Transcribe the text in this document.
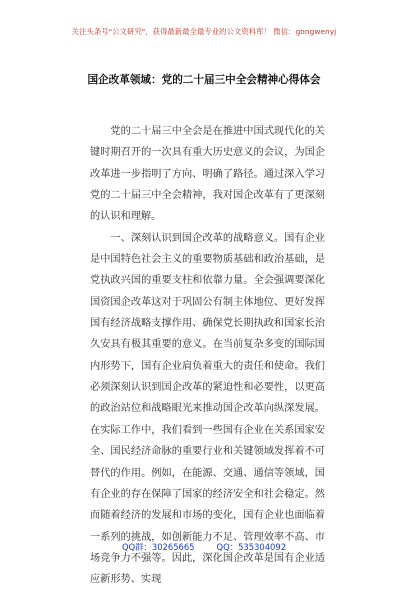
关注头条号"公文研究"，获得最新最全最专业的公文资料库！ 微信：gongwenyj
国企改革领域：党的二十届三中全会精神心得体会

党的二十届三中全会是在推进中国式现代化的关键时期召开的一次具有重大历史意义的会议，为国企改革进一步指明了方向、明确了路径。通过深入学习党的二十届三中全会精神，我对国企改革有了更深刻的认识和理解。

一、深刻认识到国企改革的战略意义。国有企业是中国特色社会主义的重要物质基础和政治基础，是党执政兴国的重要支柱和依靠力量。全会强调要深化国资国企改革这对于巩固公有制主体地位、更好发挥国有经济战略支撑作用、确保党长期执政和国家长治久安具有极其重要的意义。在当前复杂多变的国际国内形势下，国有企业肩负着重大的责任和使命。我们必须深刻认识到国企改革的紧迫性和必要性，以更高的政治站位和战略眼光来推动国企改革向纵深发展。在实际工作中，我们看到一些国有企业在关系国家安全、国民经济命脉的重要行业和关键领域发挥着不可替代的作用。例如，在能源、交通、通信等领域，国有企业的存在保障了国家的经济安全和社会稳定。然而随着经济的发展和市场的变化，国有企业也面临着一系列的挑战，如创新能力不足、管理效率不高、市场竞争力不强等。因此，深化国企改革是国有企业适应新形势、实现

QQ群：30265665	QQ：535304092
